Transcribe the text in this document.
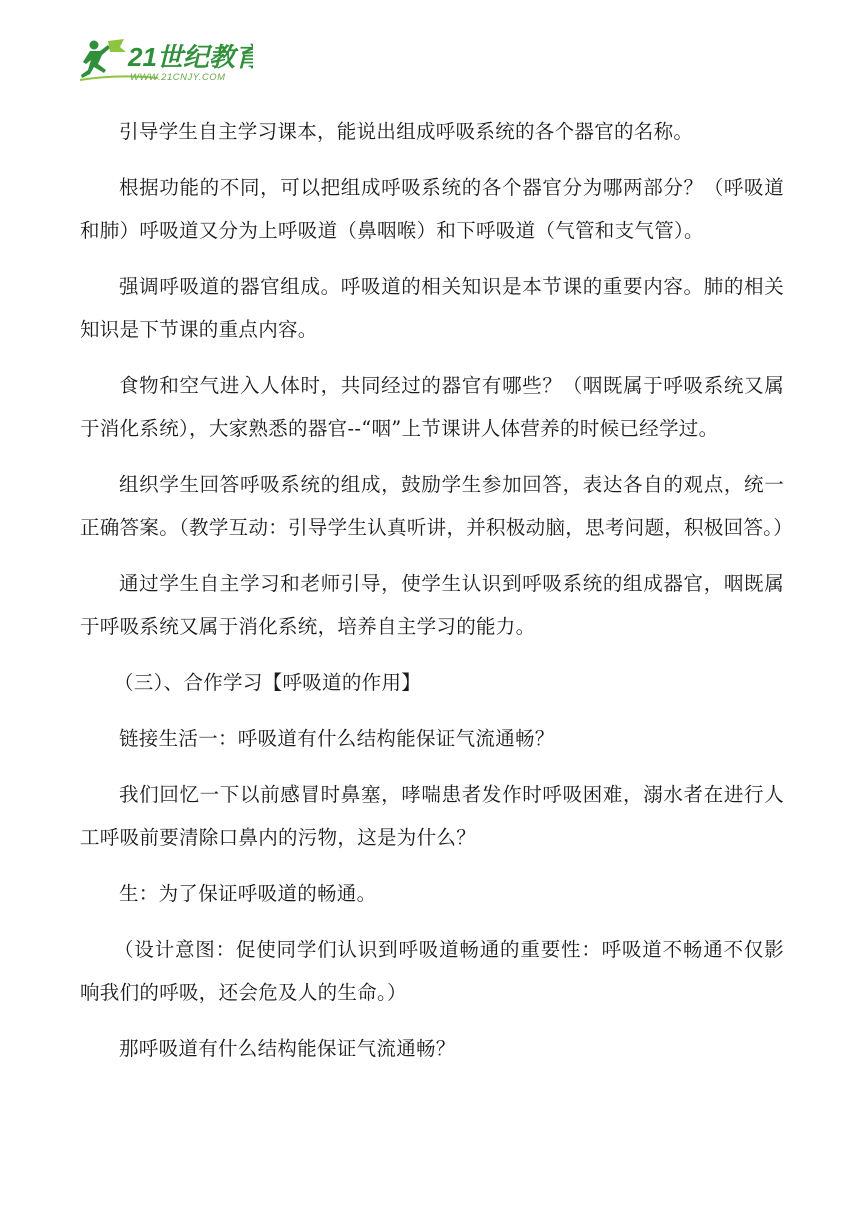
21世纪教育
WWW.21CNJY.COM

引导学生自主学习课本，能说出组成呼吸系统的各个器官的名称。

根据功能的不同，可以把组成呼吸系统的各个器官分为哪两部分？（呼吸道和肺）呼吸道又分为上呼吸道（鼻咽喉）和下呼吸道（气管和支气管）。

强调呼吸道的器官组成。呼吸道的相关知识是本节课的重要内容。肺的相关知识是下节课的重点内容。

食物和空气进入人体时，共同经过的器官有哪些？（咽既属于呼吸系统又属于消化系统），大家熟悉的器官--“咽”上节课讲人体营养的时候已经学过。

组织学生回答呼吸系统的组成，鼓励学生参加回答，表达各自的观点，统一正确答案。（教学互动：引导学生认真听讲，并积极动脑，思考问题，积极回答。）

通过学生自主学习和老师引导，使学生认识到呼吸系统的组成器官，咽既属于呼吸系统又属于消化系统，培养自主学习的能力。

（三）、合作学习【呼吸道的作用】

链接生活一：呼吸道有什么结构能保证气流通畅？

我们回忆一下以前感冒时鼻塞，哮喘患者发作时呼吸困难，溺水者在进行人工呼吸前要清除口鼻内的污物，这是为什么？

生：为了保证呼吸道的畅通。

（设计意图：促使同学们认识到呼吸道畅通的重要性：呼吸道不畅通不仅影响我们的呼吸，还会危及人的生命。）

那呼吸道有什么结构能保证气流通畅？
